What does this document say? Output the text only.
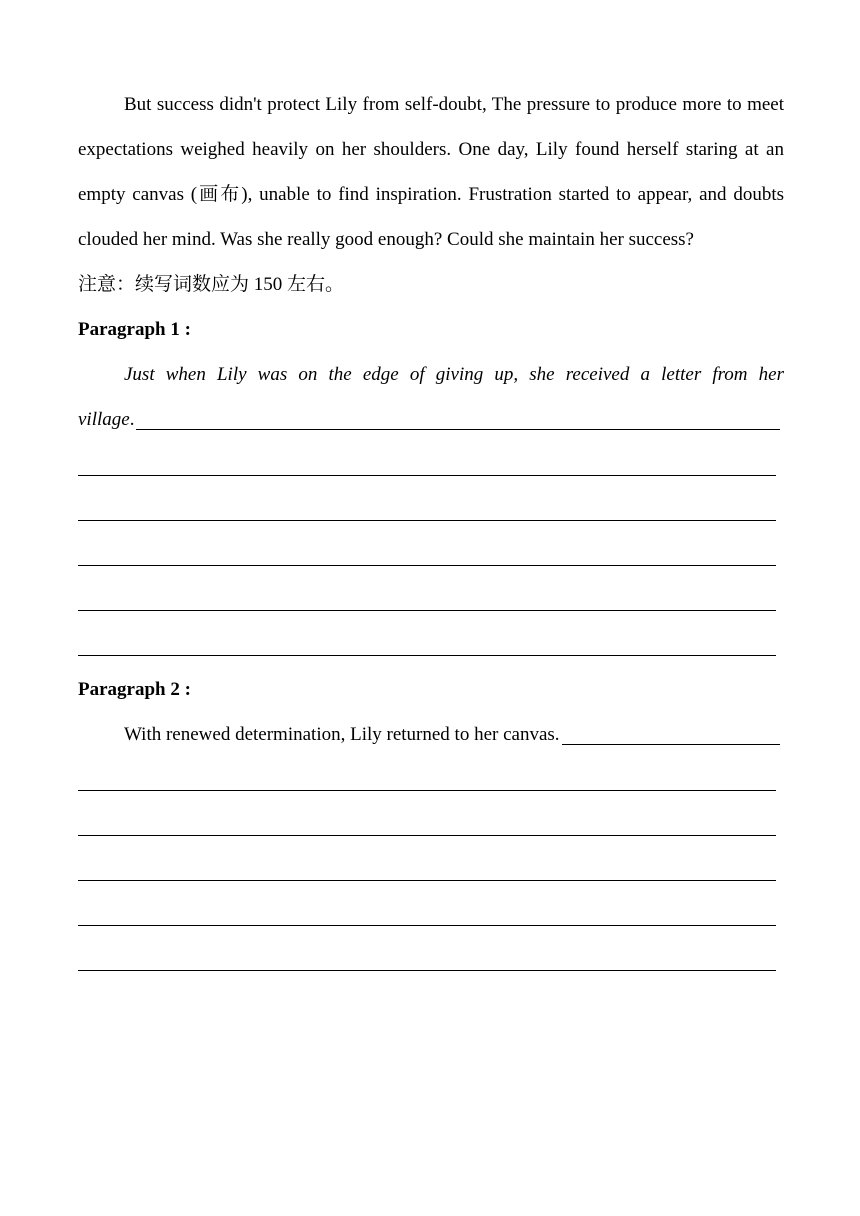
But success didn't protect Lily from self-doubt, The pressure to produce more to meet expectations weighed heavily on her shoulders. One day, Lily found herself staring at an empty canvas (画布), unable to find inspiration. Frustration started to appear, and doubts clouded her mind. Was she really good enough? Could she maintain her success?

注意：续写词数应为 150 左右。

Paragraph 1 :

Just when Lily was on the edge of giving up, she received a letter from her

village .

Paragraph 2 :

With renewed determination, Lily returned to her canvas.
